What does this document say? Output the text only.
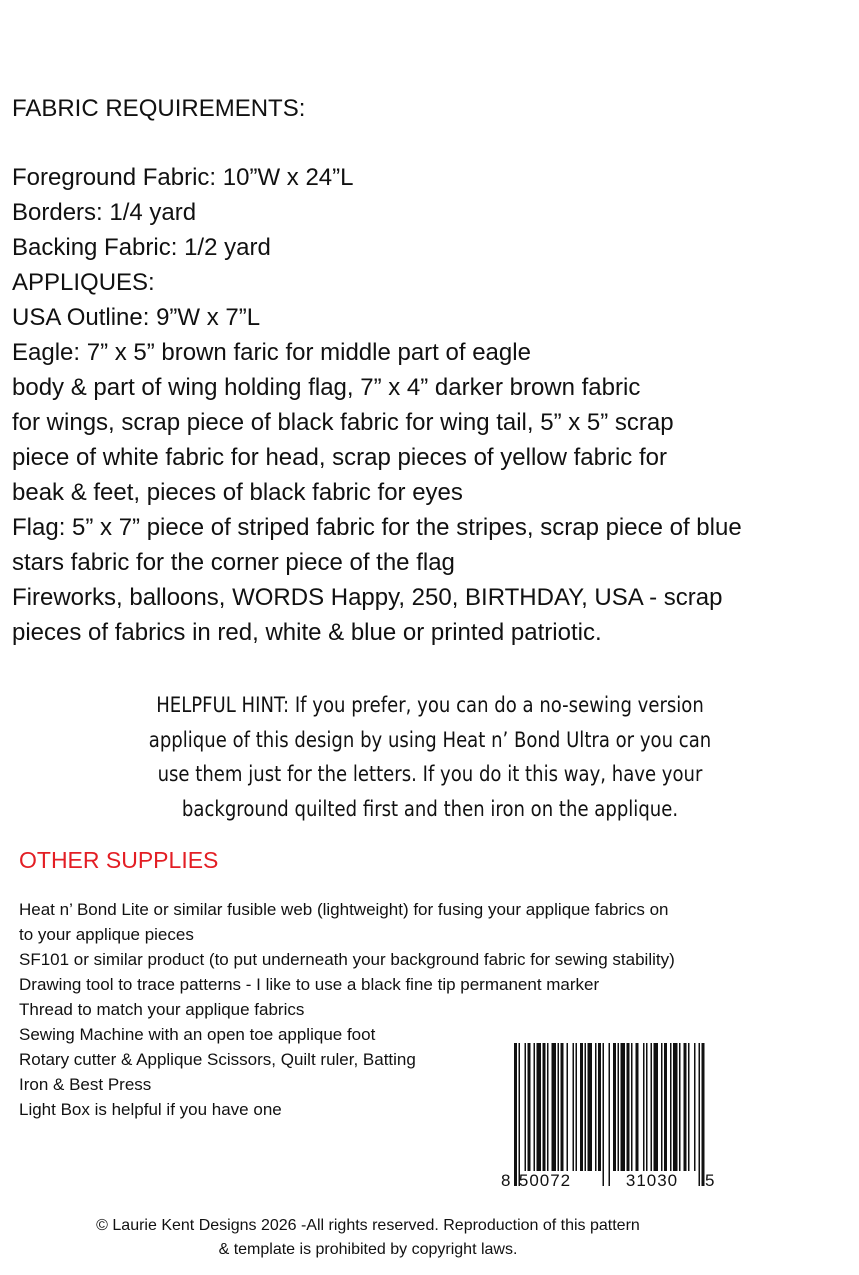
FABRIC REQUIREMENTS:
Foreground Fabric: 10”W x 24”L
Borders: 1/4 yard
Backing Fabric: 1/2 yard
APPLIQUES:
USA Outline: 9”W x 7”L
Eagle: 7” x 5” brown faric for middle part of eagle
body & part of wing holding flag, 7” x 4” darker brown fabric
for wings, scrap piece of black fabric for wing tail, 5” x 5” scrap
piece of white fabric for head, scrap pieces of yellow fabric for
beak & feet, pieces of black fabric for eyes
Flag: 5” x 7” piece of striped fabric for the stripes, scrap piece of blue
stars fabric for the corner piece of the flag
Fireworks, balloons, WORDS Happy, 250, BIRTHDAY, USA - scrap
pieces of fabrics in red, white & blue or printed patriotic.
HELPFUL HINT: If you prefer, you can do a no-sewing version
applique of this design by using Heat n’ Bond Ultra or you can
use them just for the letters. If you do it this way, have your
background quilted first and then iron on the applique.
OTHER SUPPLIES
Heat n’ Bond Lite or similar fusible web (lightweight) for fusing your applique fabrics on
to your applique pieces
SF101 or similar product (to put underneath your background fabric for sewing stability)
Drawing tool to trace patterns - I like to use a black fine tip permanent marker
Thread to match your applique fabrics
Sewing Machine with an open toe applique foot
Rotary cutter & Applique Scissors, Quilt ruler, Batting
Iron & Best Press
Light Box is helpful if you have one
8 50072	31030 5

© Laurie Kent Designs 2026 -All rights reserved. Reproduction of this pattern
& template is prohibited by copyright laws.
